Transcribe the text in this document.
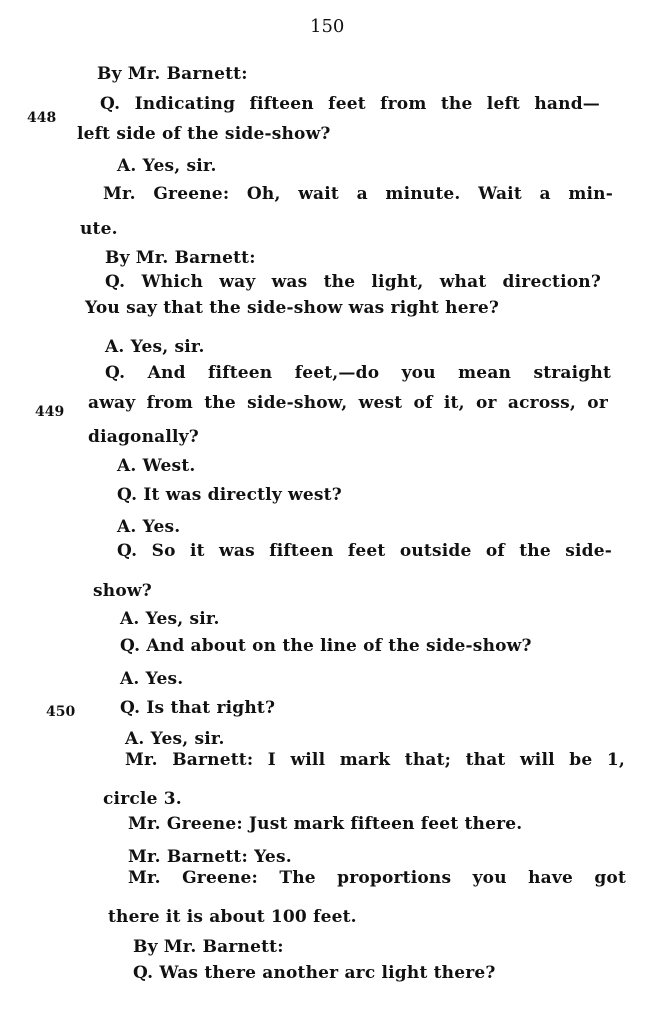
150
448
449
450
By Mr. Barnett:
Q. Indicating fifteen feet from the left hand—
left side of the side-show?
A. Yes, sir.
Mr. Greene: Oh, wait a minute. Wait a min-
ute.
By Mr. Barnett:
Q. Which way was the light, what direction?
You say that the side-show was right here?
A. Yes, sir.
Q. And fifteen feet,—do you mean straight
away from the side-show, west of it, or across, or
diagonally?
A. West.
Q. It was directly west?
A. Yes.
Q. So it was fifteen feet outside of the side-
show?
A. Yes, sir.
Q. And about on the line of the side-show?
A. Yes.
Q. Is that right?
A. Yes, sir.
Mr. Barnett: I will mark that; that will be 1,
circle 3.
Mr. Greene: Just mark fifteen feet there.
Mr. Barnett: Yes.
Mr. Greene: The proportions you have got
there it is about 100 feet.
By Mr. Barnett:
Q. Was there another arc light there?
